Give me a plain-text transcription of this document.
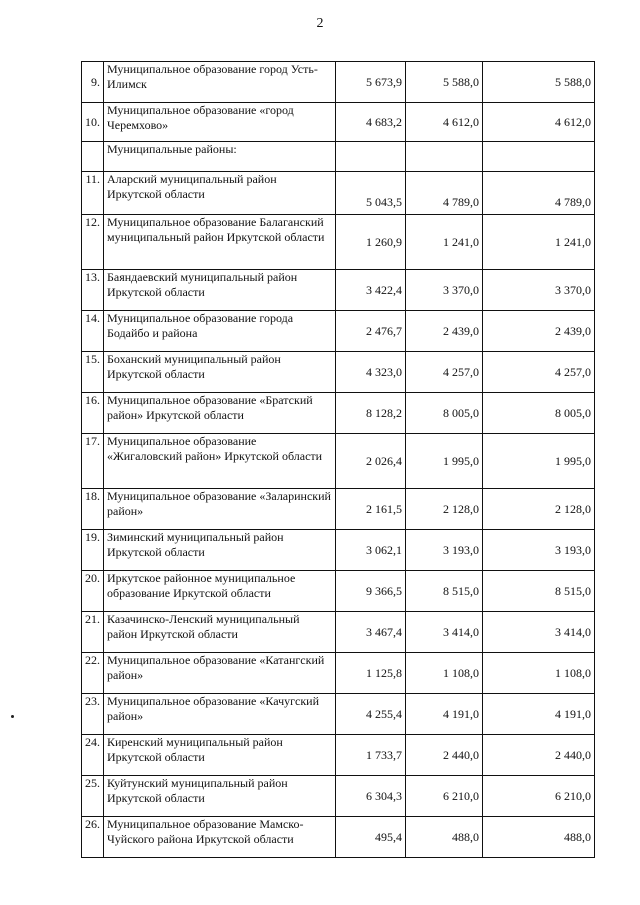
2
9.	Муниципальное образование город Усть-Илимск	5 673,9	5 588,0	5 588,0
10.	Муниципальное образование «город Черемхово»	4 683,2	4 612,0	4 612,0
	Муниципальные районы:			
11.	Аларский муниципальный район Иркутской области	5 043,5	4 789,0	4 789,0
12.	Муниципальное образование Балаганский муниципальный район Иркутской области	1 260,9	1 241,0	1 241,0
13.	Баяндаевский муниципальный район Иркутской области	3 422,4	3 370,0	3 370,0
14.	Муниципальное образование города Бодайбо и района	2 476,7	2 439,0	2 439,0
15.	Боханский муниципальный район Иркутской области	4 323,0	4 257,0	4 257,0
16.	Муниципальное образование «Братский район» Иркутской области	8 128,2	8 005,0	8 005,0
17.	Муниципальное образование «Жигаловский район» Иркутской области	2 026,4	1 995,0	1 995,0
18.	Муниципальное образование «Заларинский район»	2 161,5	2 128,0	2 128,0
19.	Зиминский муниципальный район Иркутской области	3 062,1	3 193,0	3 193,0
20.	Иркутское районное муниципальное образование Иркутской области	9 366,5	8 515,0	8 515,0
21.	Казачинско-Ленский муниципальный район Иркутской области	3 467,4	3 414,0	3 414,0
22.	Муниципальное образование «Катангский район»	1 125,8	1 108,0	1 108,0
23.	Муниципальное образование «Качугский район»	4 255,4	4 191,0	4 191,0
24.	Киренский муниципальный район Иркутской области	1 733,7	2 440,0	2 440,0
25.	Куйтунский муниципальный район Иркутской области	6 304,3	6 210,0	6 210,0
26.	Муниципальное образование Мамско-Чуйского района Иркутской области	495,4	488,0	488,0
